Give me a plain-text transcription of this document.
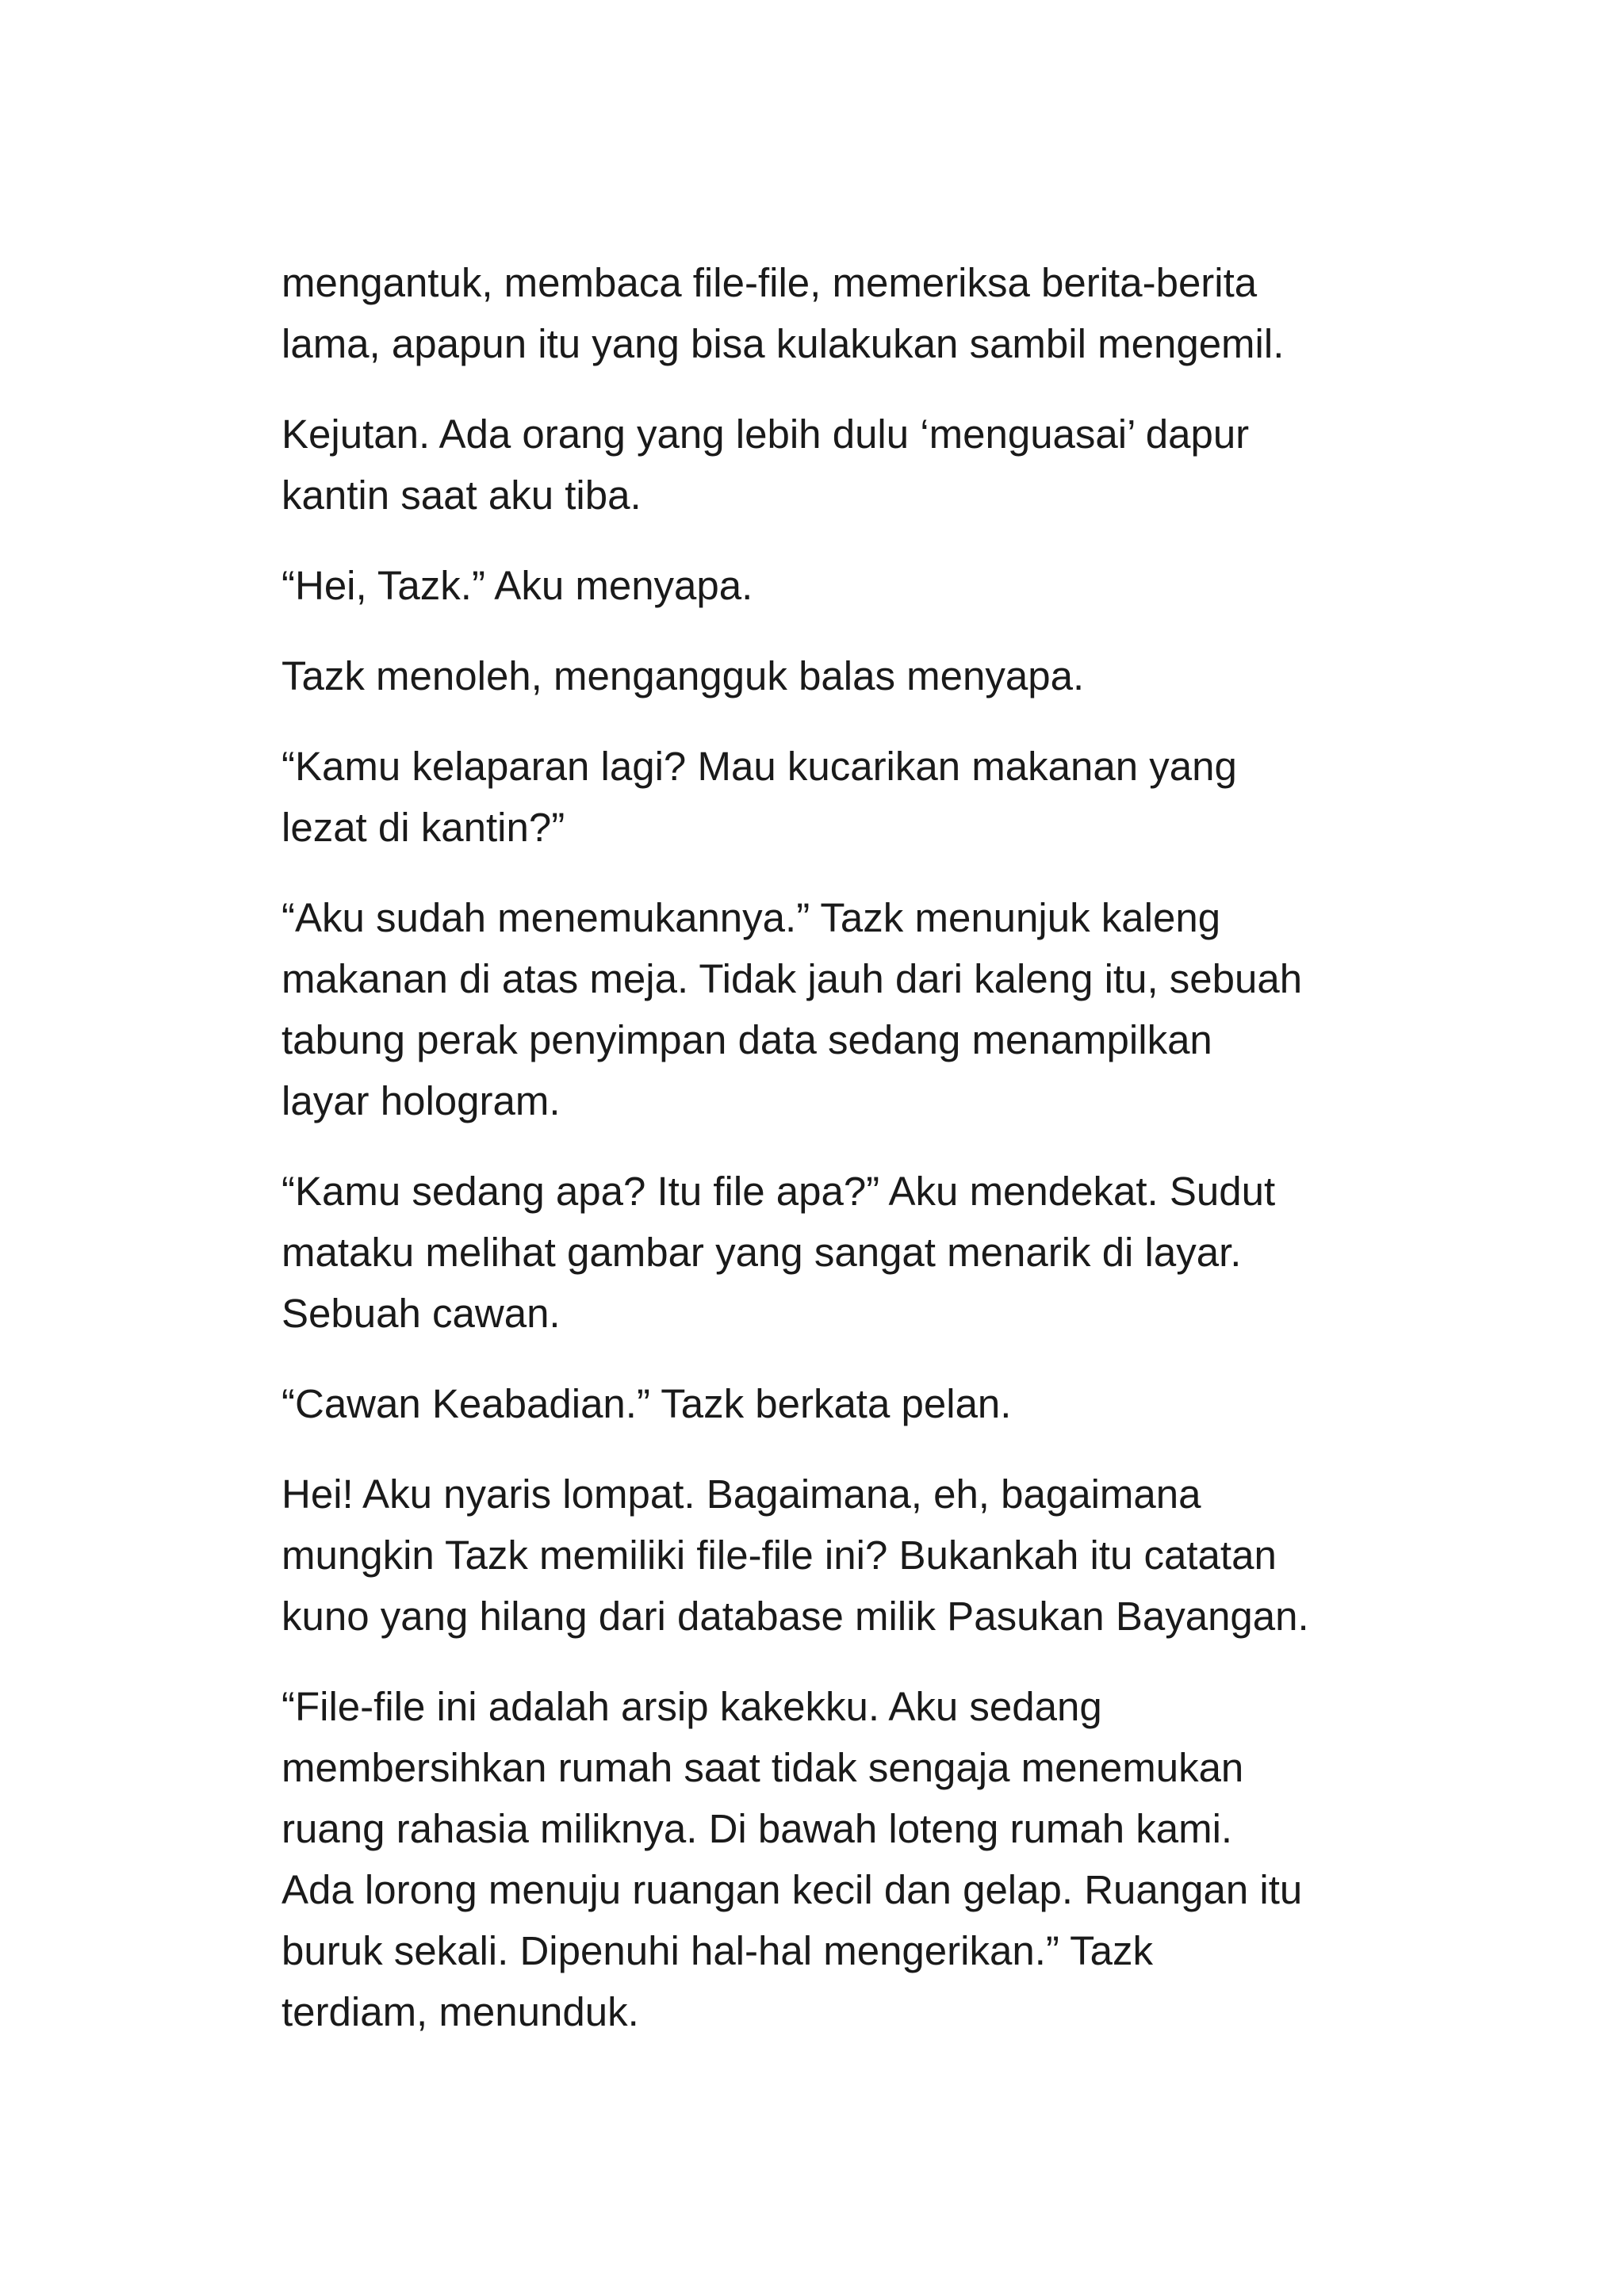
mengantuk, membaca file-file, memeriksa berita-berita
lama, apapun itu yang bisa kulakukan sambil mengemil.

Kejutan. Ada orang yang lebih dulu ‘menguasai’ dapur
kantin saat aku tiba.

“Hei, Tazk.” Aku menyapa.

Tazk menoleh, mengangguk balas menyapa.

“Kamu kelaparan lagi? Mau kucarikan makanan yang
lezat di kantin?”

“Aku sudah menemukannya.” Tazk menunjuk kaleng
makanan di atas meja. Tidak jauh dari kaleng itu, sebuah
tabung perak penyimpan data sedang menampilkan
layar hologram.

“Kamu sedang apa? Itu file apa?” Aku mendekat. Sudut
mataku melihat gambar yang sangat menarik di layar.
Sebuah cawan.

“Cawan Keabadian.” Tazk berkata pelan.

Hei! Aku nyaris lompat. Bagaimana, eh, bagaimana
mungkin Tazk memiliki file-file ini? Bukankah itu catatan
kuno yang hilang dari database milik Pasukan Bayangan.

“File-file ini adalah arsip kakekku. Aku sedang
membersihkan rumah saat tidak sengaja menemukan
ruang rahasia miliknya. Di bawah loteng rumah kami.
Ada lorong menuju ruangan kecil dan gelap. Ruangan itu
buruk sekali. Dipenuhi hal-hal mengerikan.” Tazk
terdiam, menunduk.
